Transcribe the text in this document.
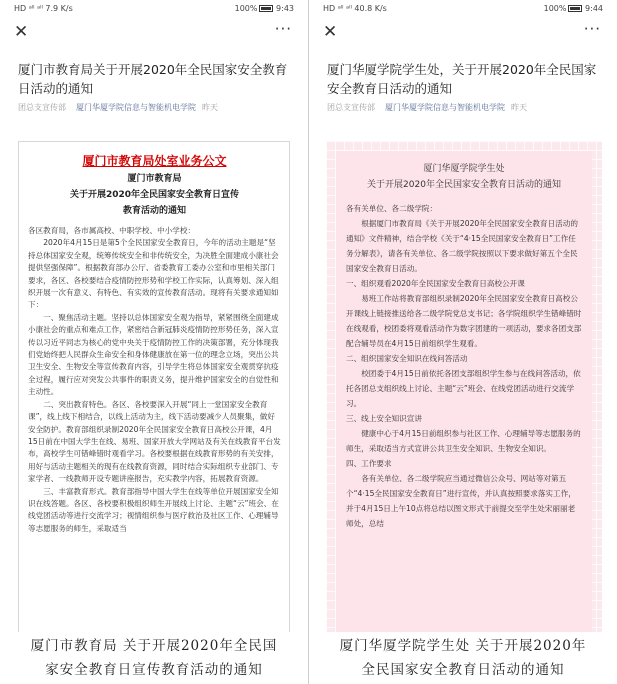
HD ᵃˡˡ ᵃˡˡ 7.9 K/s	100% 9:43
✕	···
厦门市教育局关于开展2020年全民国家安全教育日活动的通知
团总支宣传部 厦门华厦学院信息与智能机电学院 昨天
厦门市教育局处室业务公文
厦门市教育局
关于开展2020年全民国家安全教育日宣传
教育活动的通知

各区教育局，各市属高校、中职学校、中小学校：

2020年4月15日是第5个全民国家安全教育日，今年的活动主题是“坚持总体国家安全观，统筹传统安全和非传统安全，为决胜全面建成小康社会提供坚强保障”。根据教育部办公厅、省委教育工委办公室和市里相关部门要求，各区、各校要结合疫情防控形势和学校工作实际，认真筹划、深入组织开展一次有意义、有特色、有实效的宣传教育活动。现将有关要求通知如下：

一、聚焦活动主题。坚持以总体国家安全观为指导，紧紧围绕全面建成小康社会的重点和难点工作，紧密结合新冠肺炎疫情防控形势任务，深入宣传以习近平同志为核心的党中央关于疫情防控工作的决策部署，充分体现我们党始终把人民群众生命安全和身体健康放在第一位的理念立场，突出公共卫生安全、生物安全等宣传教育内容，引导学生将总体国家安全观贯穿抗疫全过程，履行应对突发公共事件的职责义务，提升维护国家安全的自觉性和主动性。

二、突出教育特色。各区、各校要深入开展“同上一堂国家安全教育课”，线上线下相结合，以线上活动为主，线下活动要减少人员聚集，做好安全防护。教育部组织录制2020年全民国家安全教育日高校公开课，4月15日前在中国大学生在线、易班、国家开放大学网站及有关在线教育平台发布，高校学生可错峰错时观看学习。各校要根据在线教育形势的有关安排，用好与活动主题相关的现有在线教育资源，同时结合实际组织专业部门、专家学者、一线教师开设专题讲座报告，充实教学内容，拓展教育资源。

三、丰富教育形式。教育部指导中国大学生在线等单位开展国家安全知识在线答题。各区、各校要积极组织师生开展线上讨论、主题“云”班会、在线党团活动等进行交流学习；视情组织参与医疗救治及社区工作、心理辅导等志愿服务的师生，采取适当

HD ᵃˡˡ ᵃˡˡ 40.8 K/s	100% 9:44
✕	···
厦门华厦学院学生处，关于开展2020年全民国家安全教育日活动的通知
团总支宣传部 厦门华厦学院信息与智能机电学院 昨天
厦门华厦学院学生处
关于开展2020年全民国家安全教育日活动的通知

各有关单位、各二级学院：

根据厦门市教育局《关于开展2020年全民国家安全教育日活动的通知》文件精神，结合学校《关于“4·15全民国家安全教育日”工作任务分解表》，请各有关单位、各二级学院按照以下要求做好第五个全民国家安全教育日活动。

一、组织观看2020年全民国家安全教育日高校公开课

易班工作站将教育部组织录制2020年全民国家安全教育日高校公开课线上链接推送给各二级学院党总支书记；各学院组织学生错峰错时在线观看，校团委将观看活动作为数字团建的一项活动，要求各团支部配合辅导员在4月15日前组织学生观看。

二、组织国家安全知识在线问答活动

校团委于4月15日前依托各团支部组织学生参与在线问答活动，依托各团总支组织线上讨论、主题“云”班会、在线党团活动进行交流学习。

三、线上安全知识宣讲

健康中心于4月15日前组织参与社区工作、心理辅导等志愿服务的师生，采取适当方式宣讲公共卫生安全知识、生物安全知识。

四、工作要求

各有关单位、各二级学院应当通过微信公众号、网站等对第五个“4·15全民国家安全教育日”进行宣传，并认真按照要求落实工作，并于4月15日上午10点将总结以图文形式于前提交至学生处宋丽丽老师处，总结

厦门市教育局 关于开展2020年全民国
家安全教育日宣传教育活动的通知
厦门华厦学院学生处 关于开展2020年
全民国家安全教育日活动的通知
